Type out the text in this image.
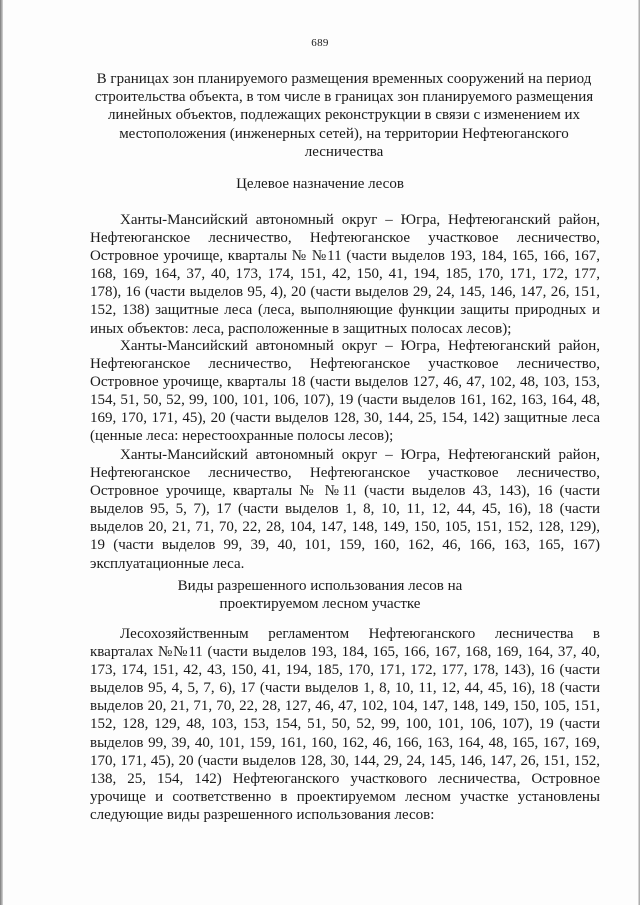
689
В границах зон планируемого размещения временных сооружений на период строительства объекта, в том числе в границах зон планируемого размещения линейных объектов, подлежащих реконструкции в связи с изменением их местоположения (инженерных сетей), на территории Нефтеюганского лесничества
Целевое назначение лесов

Ханты-Мансийский автономный округ – Югра, Нефтеюганский район, Нефтеюганское лесничество, Нефтеюганское участковое лесничество, Островное урочище, кварталы № №11 (части выделов 193, 184, 165, 166, 167, 168, 169, 164, 37, 40, 173, 174, 151, 42, 150, 41, 194, 185, 170, 171, 172, 177, 178), 16 (части выделов 95, 4), 20 (части выделов 29, 24, 145, 146, 147, 26, 151, 152, 138) защитные леса (леса, выполняющие функции защиты природных и иных объектов: леса, расположенные в защитных полосах лесов);

Ханты-Мансийский автономный округ – Югра, Нефтеюганский район, Нефтеюганское лесничество, Нефтеюганское участковое лесничество, Островное урочище, кварталы 18 (части выделов 127, 46, 47, 102, 48, 103, 153, 154, 51, 50, 52, 99, 100, 101, 106, 107), 19 (части выделов 161, 162, 163, 164, 48, 169, 170, 171, 45), 20 (части выделов 128, 30, 144, 25, 154, 142) защитные леса (ценные леса: нерестоохранные полосы лесов);

Ханты-Мансийский автономный округ – Югра, Нефтеюганский район, Нефтеюганское лесничество, Нефтеюганское участковое лесничество, Островное урочище, кварталы № №11 (части выделов 43, 143), 16 (части выделов 95, 5, 7), 17 (части выделов 1, 8, 10, 11, 12, 44, 45, 16), 18 (части выделов 20, 21, 71, 70, 22, 28, 104, 147, 148, 149, 150, 105, 151, 152, 128, 129), 19 (части выделов 99, 39, 40, 101, 159, 160, 162, 46, 166, 163, 165, 167) эксплуатационные леса.

Виды разрешенного использования лесов на
проектируемом лесном участке

Лесохозяйственным регламентом Нефтеюганского лесничества в кварталах №№11 (части выделов 193, 184, 165, 166, 167, 168, 169, 164, 37, 40, 173, 174, 151, 42, 43, 150, 41, 194, 185, 170, 171, 172, 177, 178, 143), 16 (части выделов 95, 4, 5, 7, 6), 17 (части выделов 1, 8, 10, 11, 12, 44, 45, 16), 18 (части выделов 20, 21, 71, 70, 22, 28, 127, 46, 47, 102, 104, 147, 148, 149, 150, 105, 151, 152, 128, 129, 48, 103, 153, 154, 51, 50, 52, 99, 100, 101, 106, 107), 19 (части выделов 99, 39, 40, 101, 159, 161, 160, 162, 46, 166, 163, 164, 48, 165, 167, 169, 170, 171, 45), 20 (части выделов 128, 30, 144, 29, 24, 145, 146, 147, 26, 151, 152, 138, 25, 154, 142) Нефтеюганского участкового лесничества, Островное урочище и соответственно в проектируемом лесном участке установлены следующие виды разрешенного использования лесов:
